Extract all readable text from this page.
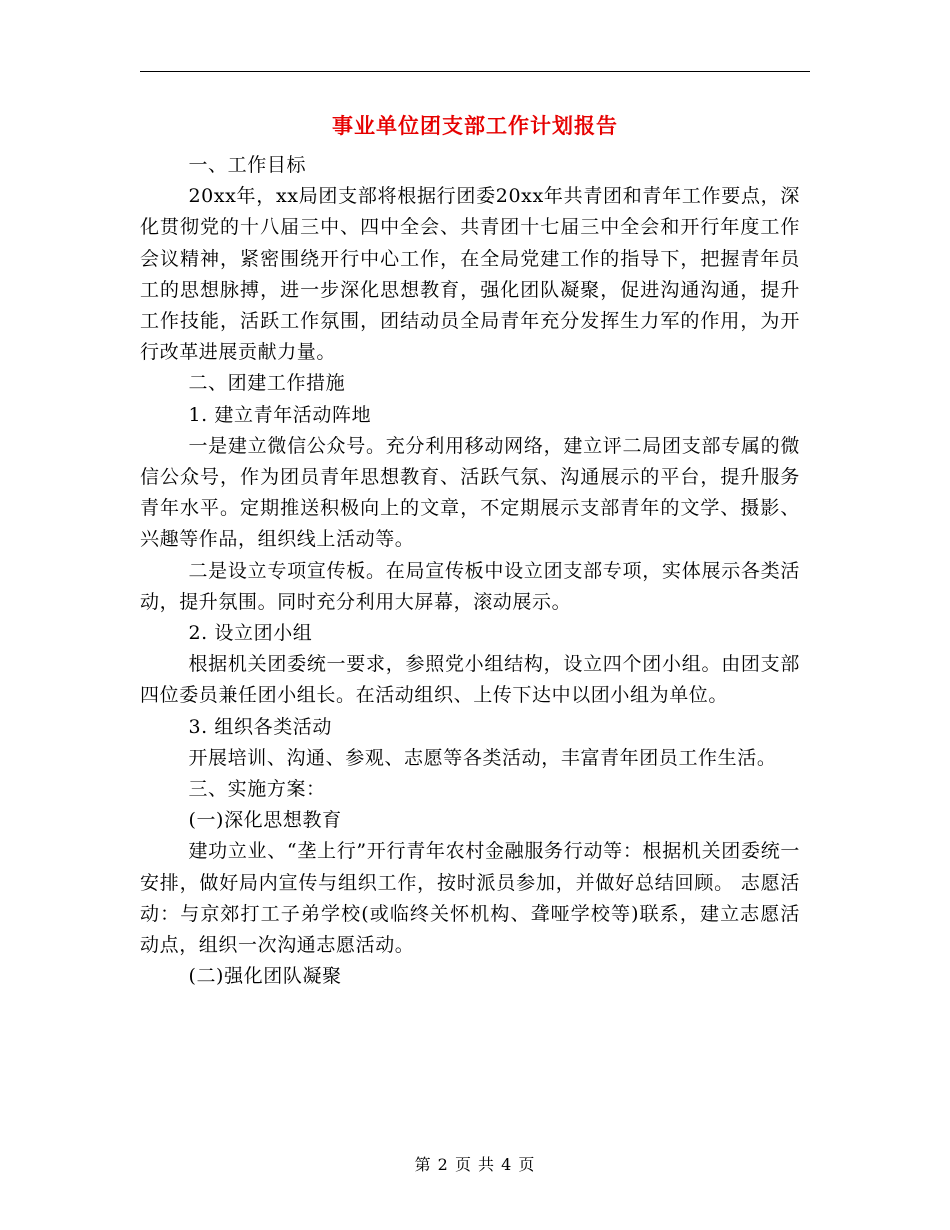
事业单位团支部工作计划报告

一、工作目标

20xx年，xx局团支部将根据行团委20xx年共青团和青年工作要点，深化贯彻党的十八届三中、四中全会、共青团十七届三中全会和开行年度工作会议精神，紧密围绕开行中心工作，在全局党建工作的指导下，把握青年员工的思想脉搏，进一步深化思想教育，强化团队凝聚，促进沟通沟通，提升工作技能，活跃工作氛围，团结动员全局青年充分发挥生力军的作用，为开行改革进展贡献力量。

二、团建工作措施

1. 建立青年活动阵地

一是建立微信公众号。充分利用移动网络，建立评二局团支部专属的微信公众号，作为团员青年思想教育、活跃气氛、沟通展示的平台，提升服务青年水平。定期推送积极向上的文章，不定期展示支部青年的文学、摄影、兴趣等作品，组织线上活动等。

二是设立专项宣传板。在局宣传板中设立团支部专项，实体展示各类活动，提升氛围。同时充分利用大屏幕，滚动展示。

2. 设立团小组

根据机关团委统一要求，参照党小组结构，设立四个团小组。由团支部四位委员兼任团小组长。在活动组织、上传下达中以团小组为单位。

3. 组织各类活动

开展培训、沟通、参观、志愿等各类活动，丰富青年团员工作生活。

三、实施方案：

(一)深化思想教育

建功立业、“垄上行”开行青年农村金融服务行动等：根据机关团委统一安排，做好局内宣传与组织工作，按时派员参加，并做好总结回顾。 志愿活动：与京郊打工子弟学校(或临终关怀机构、聋哑学校等)联系，建立志愿活动点，组织一次沟通志愿活动。

(二)强化团队凝聚

第 2 页 共 4 页
